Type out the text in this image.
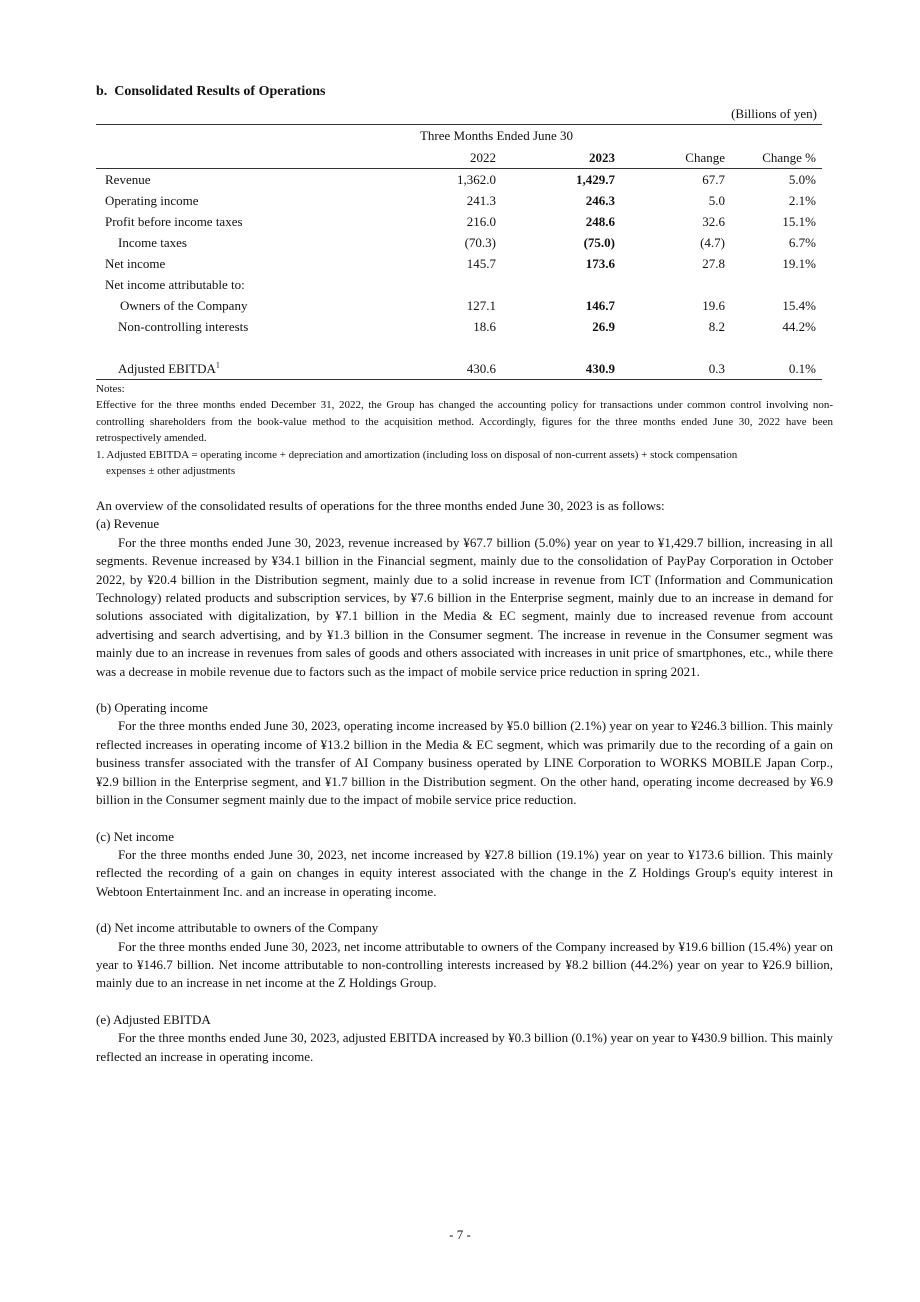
b.  Consolidated Results of Operations
(Billions of yen)
	Three Months Ended June 30			
	2022	2023	Change	Change %
Revenue	1,362.0	1,429.7	67.7	5.0%
Operating income	241.3	246.3	5.0	2.1%
Profit before income taxes	216.0	248.6	32.6	15.1%
Income taxes	(70.3)	(75.0)	(4.7)	6.7%
Net income	145.7	173.6	27.8	19.1%
Net income attributable to:				
Owners of the Company	127.1	146.7	19.6	15.4%
Non-controlling interests	18.6	26.9	8.2	44.2%

Adjusted EBITDA$^1$	430.6	430.9	0.3	0.1%

Notes:

Effective for the three months ended December 31, 2022, the Group has changed the accounting policy for transactions under common control involving non-controlling shareholders from the book-value method to the acquisition method. Accordingly, figures for the three months ended June 30, 2022 have been retrospectively amended.

1. Adjusted EBITDA = operating income + depreciation and amortization (including loss on disposal of non-current assets) + stock compensation

expenses ± other adjustments

An overview of the consolidated results of operations for the three months ended June 30, 2023 is as follows:

(a) Revenue

For the three months ended June 30, 2023, revenue increased by ¥67.7 billion (5.0%) year on year to ¥1,429.7 billion, increasing in all segments. Revenue increased by ¥34.1 billion in the Financial segment, mainly due to the consolidation of PayPay Corporation in October 2022, by ¥20.4 billion in the Distribution segment, mainly due to a solid increase in revenue from ICT (Information and Communication Technology) related products and subscription services, by ¥7.6 billion in the Enterprise segment, mainly due to an increase in demand for solutions associated with digitalization, by ¥7.1 billion in the Media & EC segment, mainly due to increased revenue from account advertising and search advertising, and by ¥1.3 billion in the Consumer segment. The increase in revenue in the Consumer segment was mainly due to an increase in revenues from sales of goods and others associated with increases in unit price of smartphones, etc., while there was a decrease in mobile revenue due to factors such as the impact of mobile service price reduction in spring 2021.

(b) Operating income

For the three months ended June 30, 2023, operating income increased by ¥5.0 billion (2.1%) year on year to ¥246.3 billion. This mainly reflected increases in operating income of ¥13.2 billion in the Media & EC segment, which was primarily due to the recording of a gain on business transfer associated with the transfer of AI Company business operated by LINE Corporation to WORKS MOBILE Japan Corp., ¥2.9 billion in the Enterprise segment, and ¥1.7 billion in the Distribution segment. On the other hand, operating income decreased by ¥6.9 billion in the Consumer segment mainly due to the impact of mobile service price reduction.

(c) Net income

For the three months ended June 30, 2023, net income increased by ¥27.8 billion (19.1%) year on year to ¥173.6 billion. This mainly reflected the recording of a gain on changes in equity interest associated with the change in the Z Holdings Group's equity interest in Webtoon Entertainment Inc. and an increase in operating income.

(d) Net income attributable to owners of the Company

For the three months ended June 30, 2023, net income attributable to owners of the Company increased by ¥19.6 billion (15.4%) year on year to ¥146.7 billion. Net income attributable to non-controlling interests increased by ¥8.2 billion (44.2%) year on year to ¥26.9 billion, mainly due to an increase in net income at the Z Holdings Group.

(e) Adjusted EBITDA

For the three months ended June 30, 2023, adjusted EBITDA increased by ¥0.3 billion (0.1%) year on year to ¥430.9 billion. This mainly reflected an increase in operating income.

- 7 -
